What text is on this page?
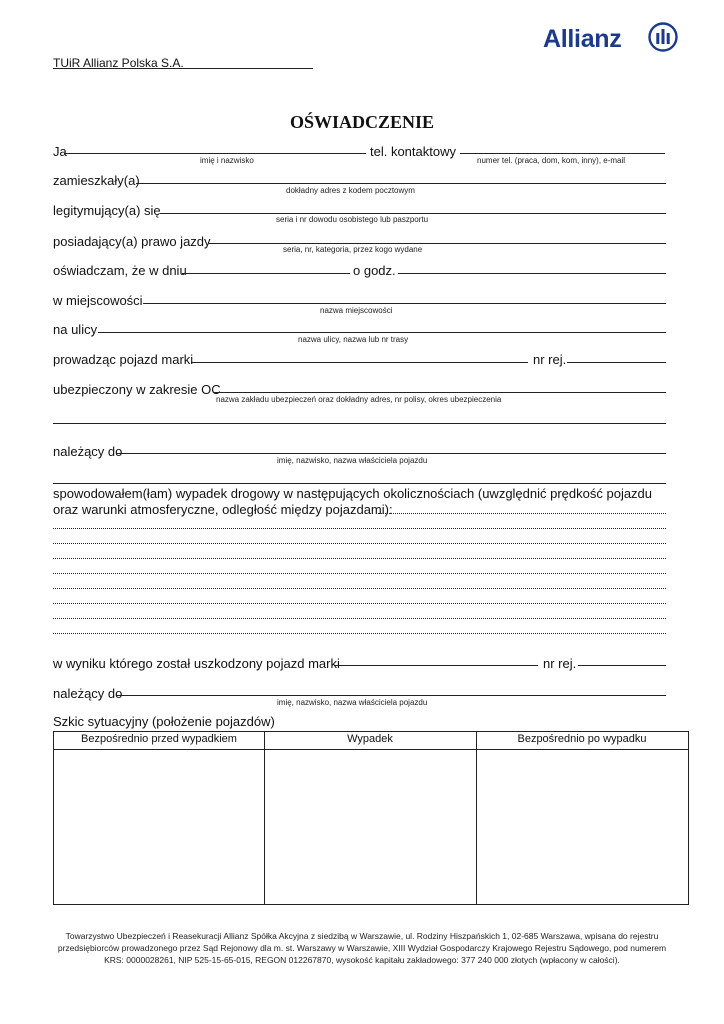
TUiR Allianz Polska S.A.
Allianz
OŚWIADCZENIE
Ja
imię i nazwisko
tel. kontaktowy
numer tel. (praca, dom, kom, inny), e-mail
zamieszkały(a)
dokładny adres z kodem pocztowym
legitymujący(a) się
seria i nr dowodu osobistego lub paszportu
posiadający(a) prawo jazdy
seria, nr, kategoria, przez kogo wydane
oświadczam, że w dniu	o godz.
w miejscowości
nazwa miejscowości
na ulicy
nazwa ulicy, nazwa lub nr trasy
prowadząc pojazd marki	nr rej.
ubezpieczony w zakresie OC
nazwa zakładu ubezpieczeń oraz dokładny adres, nr polisy, okres ubezpieczenia
należący do
imię, nazwisko, nazwa właściciela pojazdu
spowodowałem(łam) wypadek drogowy w następujących okolicznościach (uwzględnić prędkość pojazdu
oraz warunki atmosferyczne, odległość między pojazdami):
w wyniku którego został uszkodzony pojazd marki	nr rej.
należący do
imię, nazwisko, nazwa właściciela pojazdu
Szkic sytuacyjny (położenie pojazdów)
Bezpośrednio przed wypadkiem	Wypadek	Bezpośrednio po wypadku
Towarzystwo Ubezpieczeń i Reasekuracji Allianz Spółka Akcyjna z siedzibą w Warszawie, ul. Rodziny Hiszpańskich 1, 02-685 Warszawa, wpisana do rejestru
przedsiębiorców prowadzonego przez Sąd Rejonowy dla m. st. Warszawy w Warszawie, XIII Wydział Gospodarczy Krajowego Rejestru Sądowego, pod numerem
KRS: 0000028261, NIP 525-15-65-015, REGON 012267870, wysokość kapitału zakładowego: 377 240 000 złotych (wpłacony w całości).
